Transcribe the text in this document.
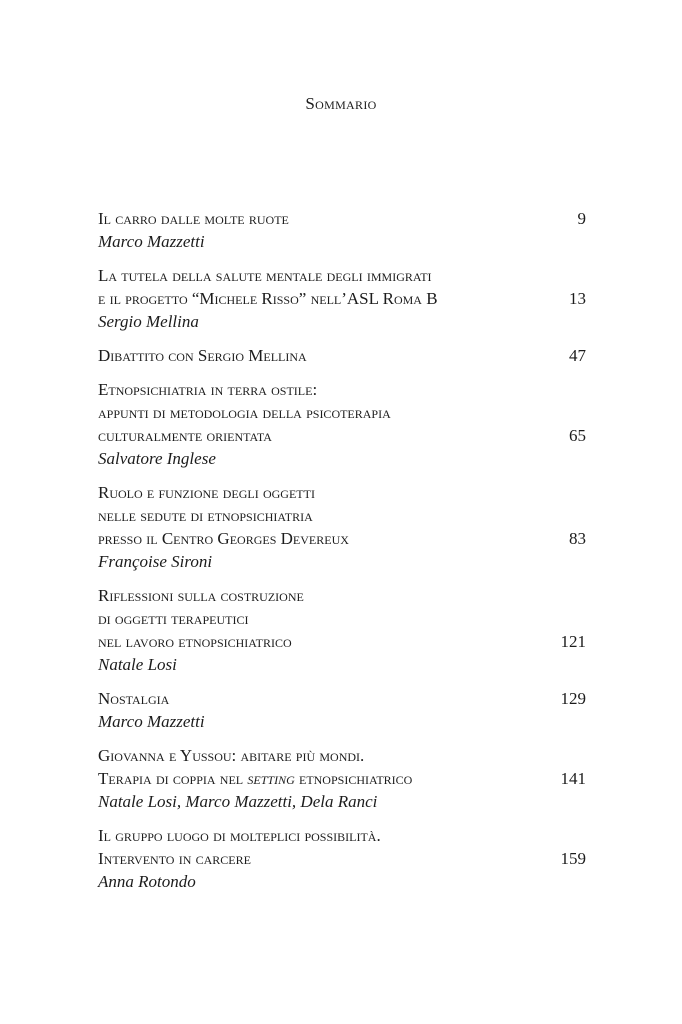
Sommario
Il carro dalle molte ruote
Marco Mazzetti
9
La tutela della salute mentale degli immigrati
e il progetto “Michele Risso” nell’ASL Roma B
Sergio Mellina
13
Dibattito con Sergio Mellina	47
Etnopsichiatria in terra ostile:
appunti di metodologia della psicoterapia
culturalmente orientata
Salvatore Inglese
65
Ruolo e funzione degli oggetti
nelle sedute di etnopsichiatria
presso il Centro Georges Devereux
Françoise Sironi
83
Riflessioni sulla costruzione
di oggetti terapeutici
nel lavoro etnopsichiatrico
Natale Losi
121
Nostalgia
Marco Mazzetti
129
Giovanna e Yussou: abitare più mondi.
Terapia di coppia nel setting etnopsichiatrico
Natale Losi, Marco Mazzetti, Dela Ranci
141
Il gruppo luogo di molteplici possibilità.
Intervento in carcere
Anna Rotondo
159
